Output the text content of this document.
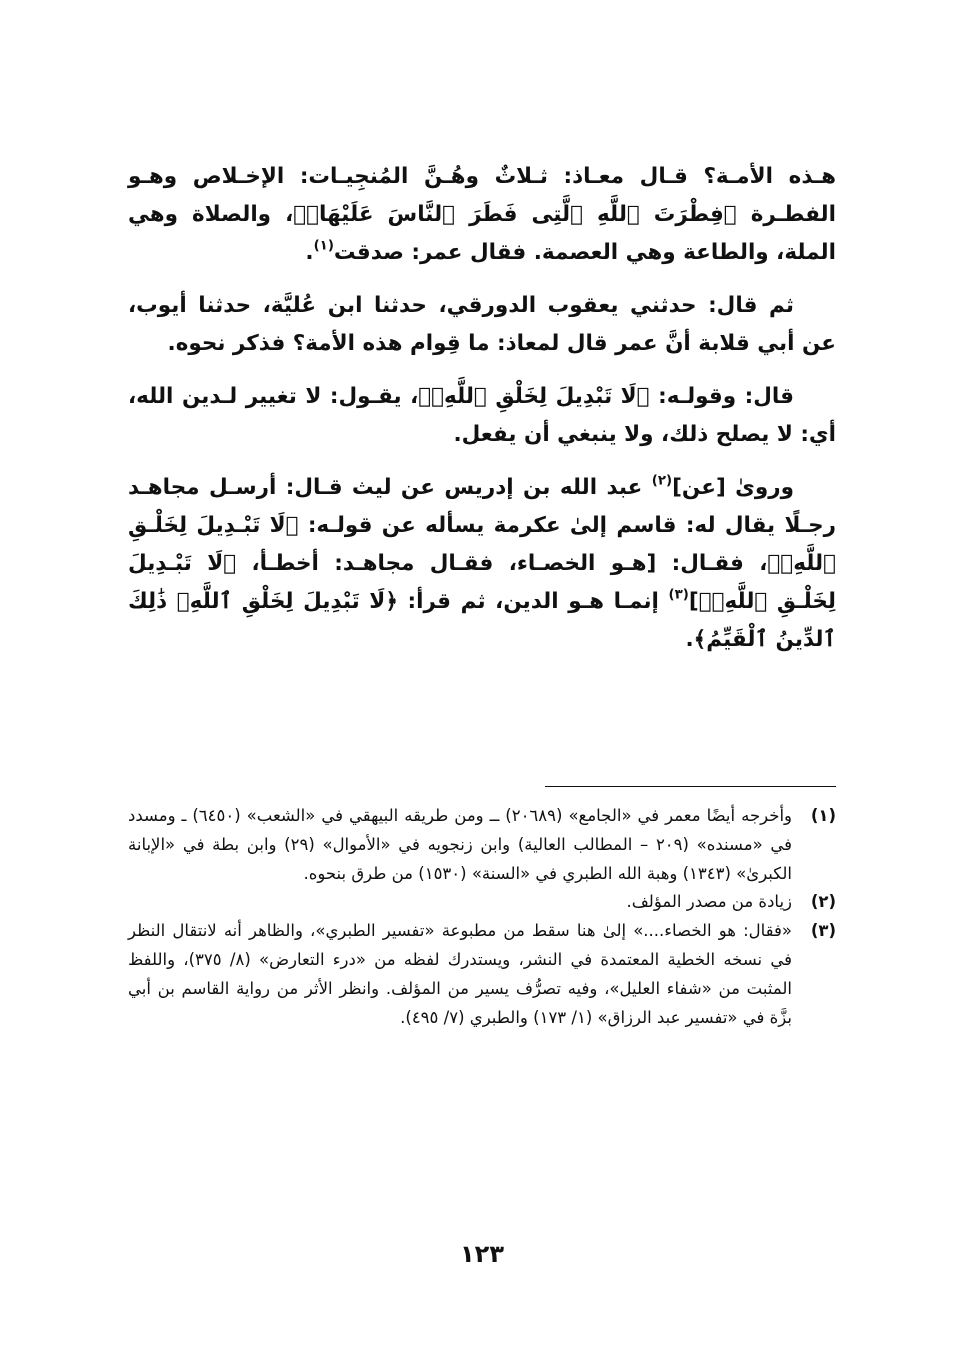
هـذه الأمـة؟ قـال معـاذ: ثـلاثٌ وهُـنَّ المُنجِيـات: الإخـلاص وهـو الفطـرة ﴿فِطْرَتَ ٱللَّهِ ٱلَّتِى فَطَرَ ٱلنَّاسَ عَلَيْهَاۚ﴾، والصلاة وهي الملة، والطاعة وهي العصمة. فقال عمر: صدقت$^{(١)}$.

ثم قال: حدثني يعقوب الدورقي، حدثنا ابن عُليَّة، حدثنا أيوب، عن أبي قلابة أنَّ عمر قال لمعاذ: ما قِوام هذه الأمة؟ فذكر نحوه.

قال: وقولـه: ﴿لَا تَبْدِيلَ لِخَلْقِ ٱللَّهِۚ﴾، يقـول: لا تغيير لـدين الله، أي: لا يصلح ذلك، ولا ينبغي أن يفعل.

وروىٰ [عن]$^{(٢)}$ عبد الله بن إدريس عن ليث قـال: أرسـل مجاهـد رجـلًا يقال له: قاسم إلىٰ عكرمة يسأله عن قولـه: ﴿لَا تَبْـدِيلَ لِخَلْـقِ ٱللَّهِۚ﴾، فقـال: [هـو الخصـاء، فقـال مجاهـد: أخطـأ، ﴿لَا تَبْـدِيلَ لِخَلْـقِ ٱللَّهِۚ﴾]$^{(٣)}$ إنمـا هـو الدين، ثم قرأ: ﴿لَا تَبْدِيلَ لِخَلْقِ ٱللَّهِۚ ذَٰلِكَ ٱلدِّينُ ٱلْقَيِّمُ﴾.

(١)
وأخرجه أيضًا معمر في «الجامع» (٢٠٦٨٩) ــ ومن طريقه البيهقي في «الشعب» (٦٤٥٠) ـ ومسدد في «مسنده» (٢٠٩ – المطالب العالية) وابن زنجويه في «الأموال» (٢٩) وابن بطة في «الإبانة الكبرىٰ» (١٣٤٣) وهبة الله الطبري في «السنة» (١٥٣٠) من طرق بنحوه.
(٢)
زيادة من مصدر المؤلف.
(٣)
«فقال: هو الخصاء....» إلىٰ هنا سقط من مطبوعة «تفسير الطبري»، والظاهر أنه لانتقال النظر في نسخه الخطية المعتمدة في النشر، ويستدرك لفظه من «درء التعارض» (٨/ ٣٧٥)، واللفظ المثبت من «شفاء العليل»، وفيه تصرُّف يسير من المؤلف. وانظر الأثر من رواية القاسم بن أبي بزَّة في «تفسير عبد الرزاق» (١/ ١٧٣) والطبري (٧/ ٤٩٥).
١٢٣
